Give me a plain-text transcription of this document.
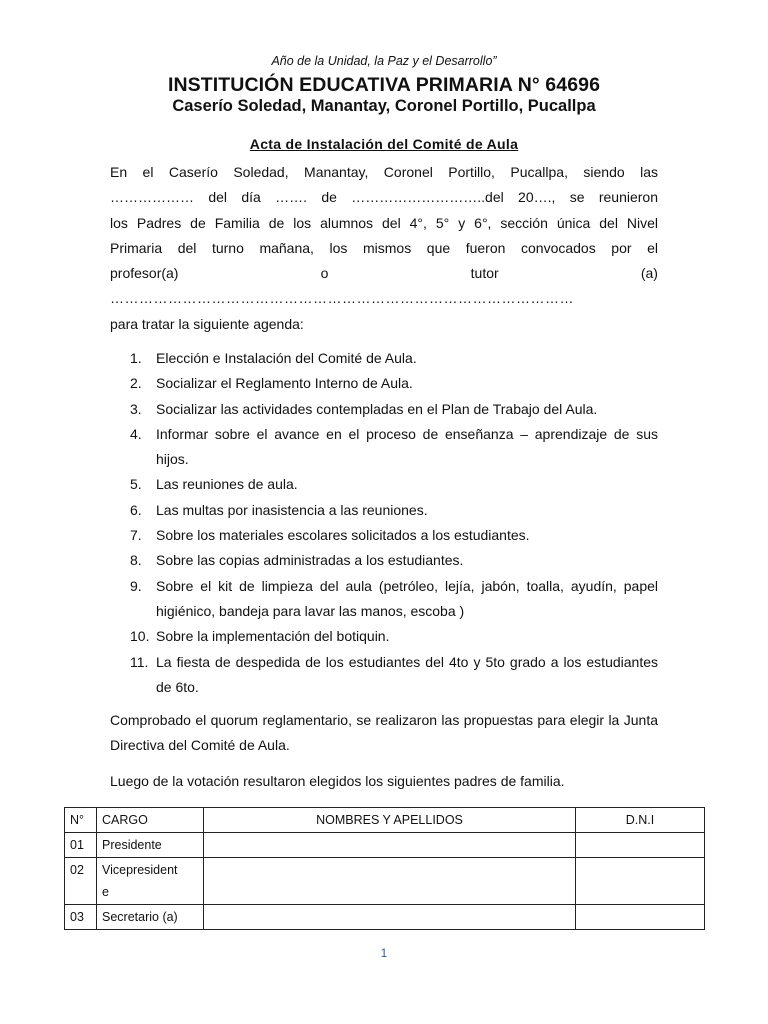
Año de la Unidad, la Paz y el Desarrollo”
INSTITUCIÓN EDUCATIVA PRIMARIA N° 64696
Caserío Soledad, Manantay, Coronel Portillo, Pucallpa
Acta de Instalación del Comité de Aula
En el Caserío Soledad, Manantay, Coronel Portillo, Pucallpa, siendo las
……………… del día ……. de ………………………..del 20…., se reunieron
los Padres de Familia de los alumnos del 4°, 5° y 6°, sección única del Nivel
Primaria del turno mañana, los mismos que fueron convocados por el
profesor(a)	o	tutor	(a)
……………………………………………………………………………………
para tratar la siguiente agenda:
1.	Elección e Instalación del Comité de Aula.
2.	Socializar el Reglamento Interno de Aula.
3.	Socializar las actividades contempladas en el Plan de Trabajo del Aula.
4.	Informar sobre el avance en el proceso de enseñanza – aprendizaje de sus hijos.
5.	Las reuniones de aula.
6.	Las multas por inasistencia a las reuniones.
7.	Sobre los materiales escolares solicitados a los estudiantes.
8.	Sobre las copias administradas a los estudiantes.
9.	Sobre el kit de limpieza del aula (petróleo, lejía, jabón, toalla, ayudín, papel higiénico, bandeja para lavar las manos, escoba )
10. Sobre la implementación del botiquin.
11. La fiesta de despedida de los estudiantes del 4to y 5to grado a los estudiantes de 6to.
Comprobado el quorum reglamentario, se realizaron las propuestas para elegir la Junta Directiva del Comité de Aula.
Luego de la votación resultaron elegidos los siguientes padres de familia.
N°	CARGO	NOMBRES Y APELLIDOS	D.N.I
01	Presidente		
02	Vicepresident
e		

03	Secretario (a)		
1
